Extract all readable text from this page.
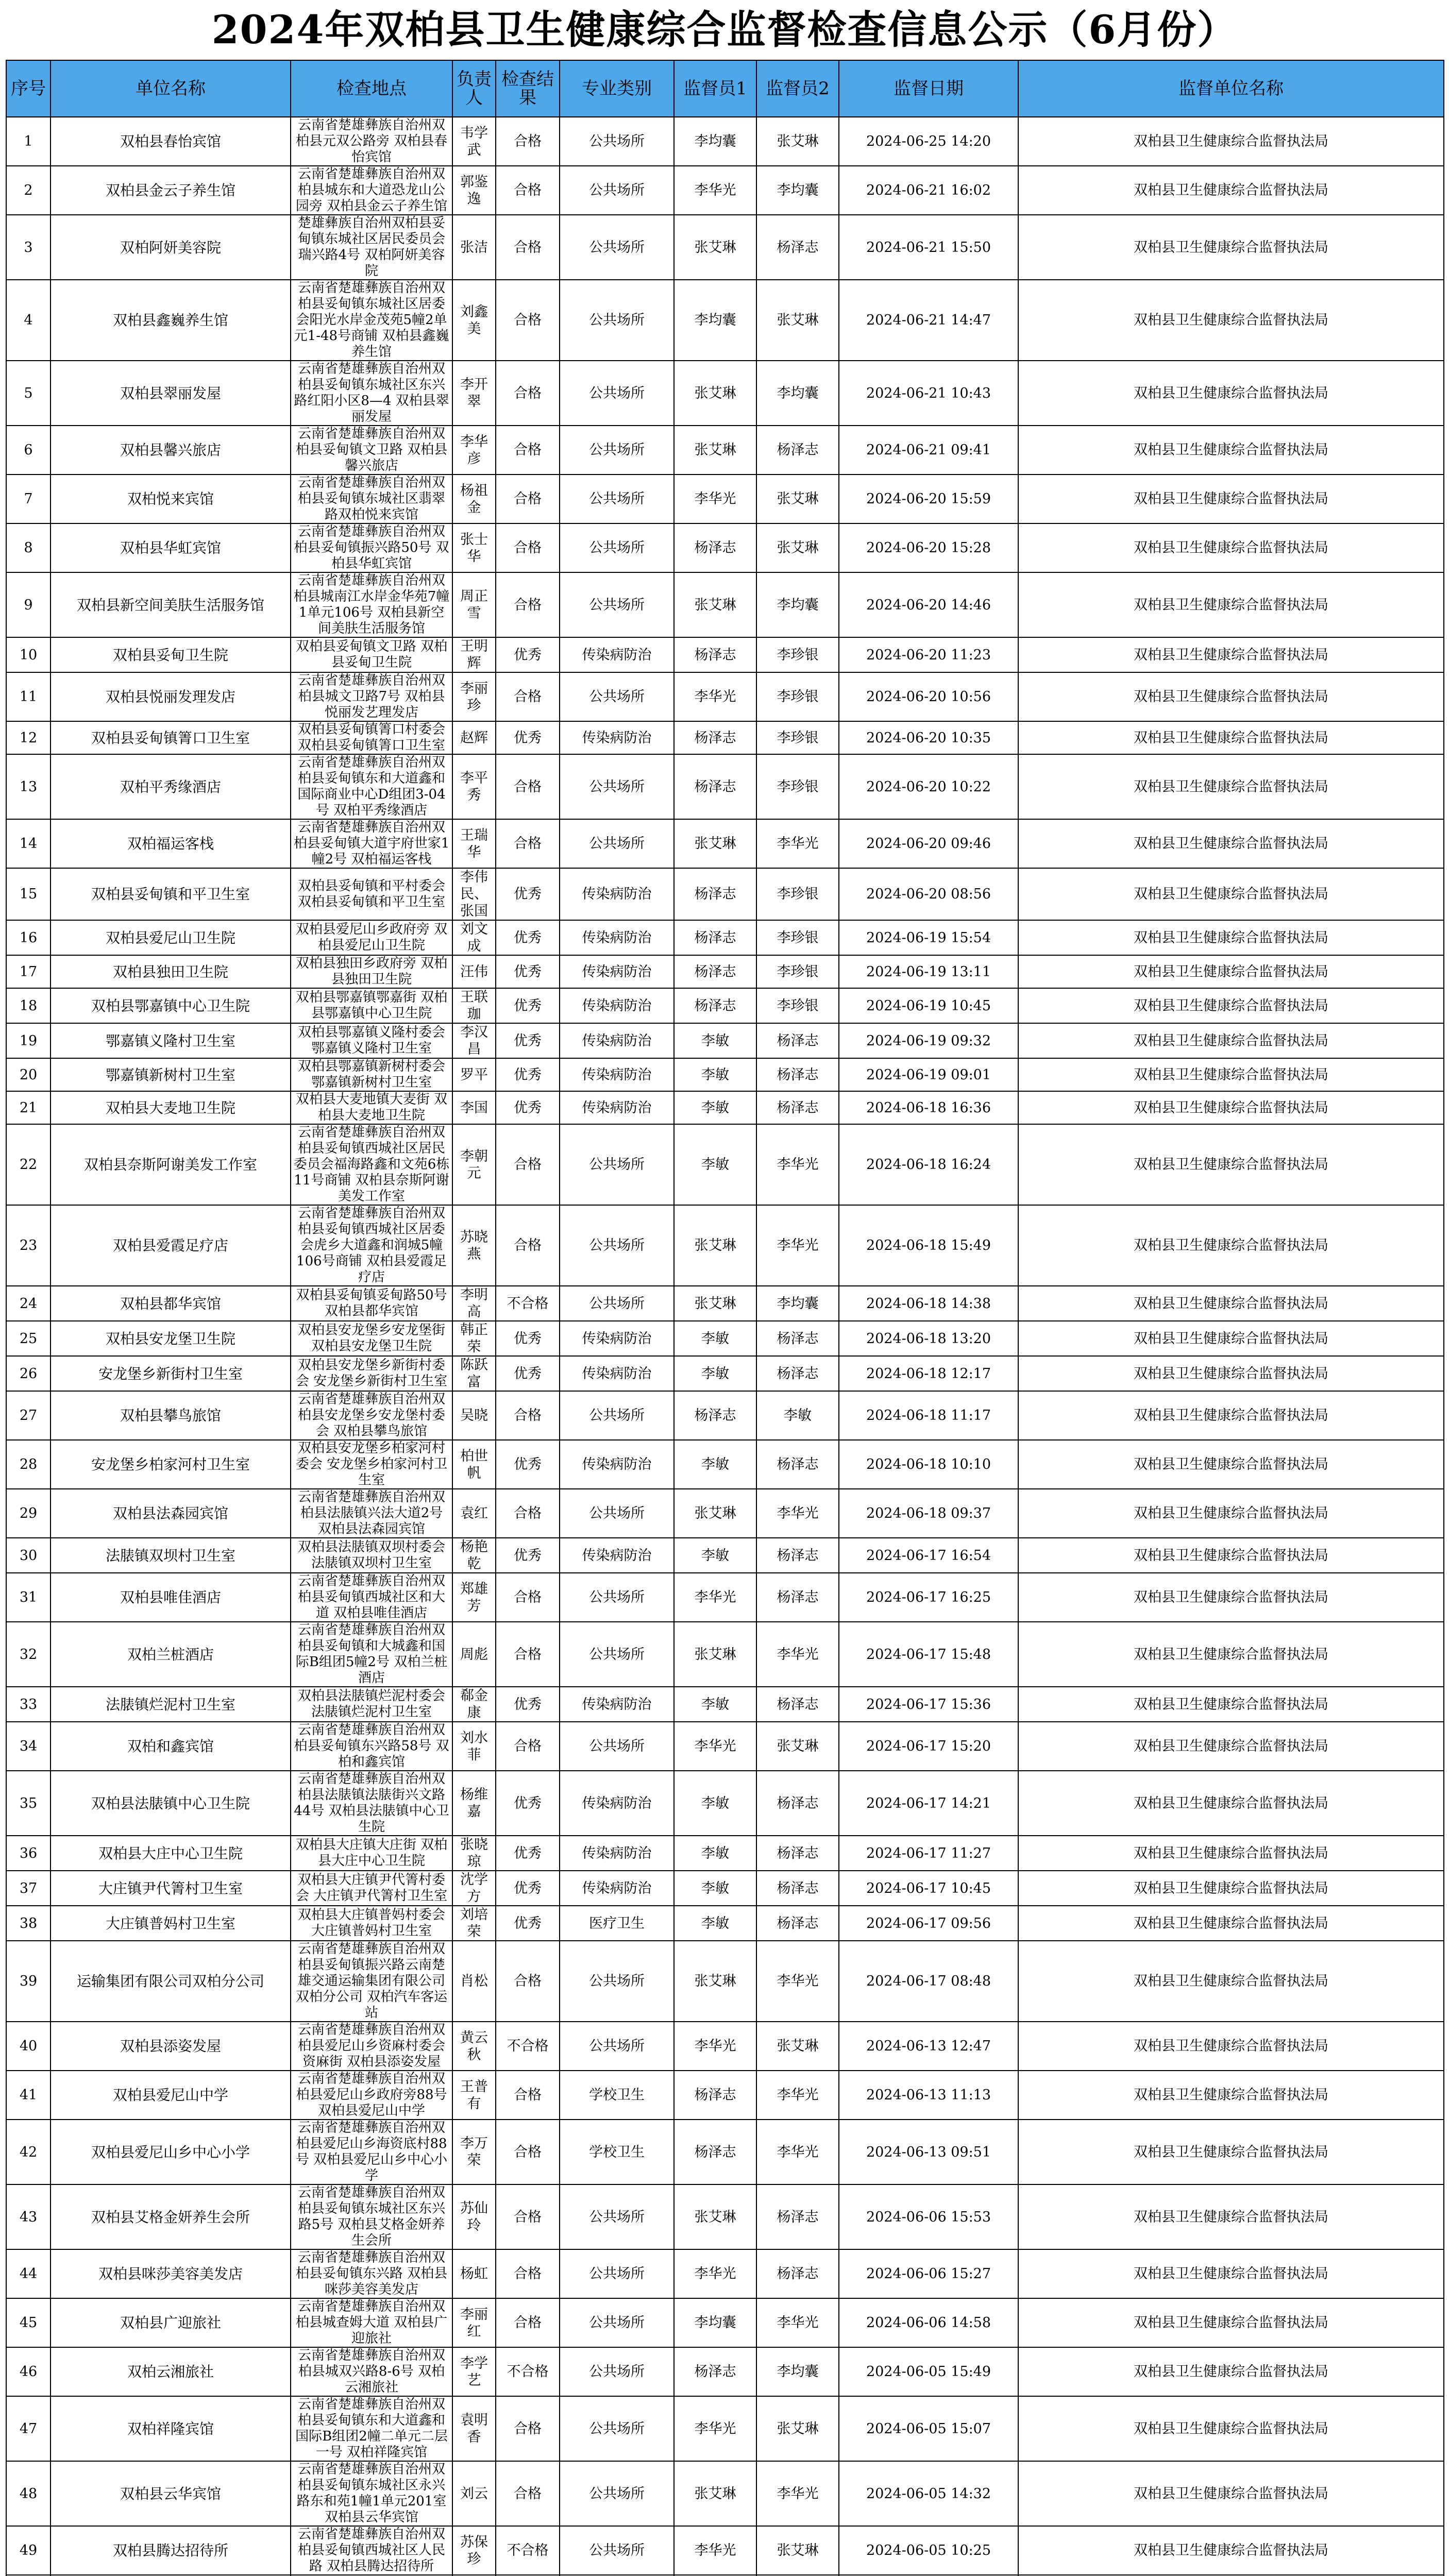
2024年双柏县卫生健康综合监督检查信息公示（6月份）
序号	单位名称	检查地点	负责人	检查结果	专业类别	监督员1	监督员2	监督日期	监督单位名称
1	双柏县春怡宾馆	云南省楚雄彝族自治州双柏县元双公路旁 双柏县春怡宾馆	韦学武	合格	公共场所	李均囊	张艾琳	2024-06-25 14:20	双柏县卫生健康综合监督执法局
2	双柏县金云子养生馆	云南省楚雄彝族自治州双柏县城东和大道恐龙山公园旁 双柏县金云子养生馆	郭鉴逸	合格	公共场所	李华光	李均囊	2024-06-21 16:02	双柏县卫生健康综合监督执法局
3	双柏阿妍美容院	楚雄彝族自治州双柏县妥甸镇东城社区居民委员会瑞兴路4号 双柏阿妍美容院	张洁	合格	公共场所	张艾琳	杨泽志	2024-06-21 15:50	双柏县卫生健康综合监督执法局
4	双柏县鑫巍养生馆	云南省楚雄彝族自治州双柏县妥甸镇东城社区居委会阳光水岸金茂苑5幢2单元1-48号商铺 双柏县鑫巍养生馆	刘鑫美	合格	公共场所	李均囊	张艾琳	2024-06-21 14:47	双柏县卫生健康综合监督执法局
5	双柏县翠丽发屋	云南省楚雄彝族自治州双柏县妥甸镇东城社区东兴路红阳小区8—4 双柏县翠丽发屋	李开翠	合格	公共场所	张艾琳	李均囊	2024-06-21 10:43	双柏县卫生健康综合监督执法局
6	双柏县馨兴旅店	云南省楚雄彝族自治州双柏县妥甸镇文卫路 双柏县馨兴旅店	李华彦	合格	公共场所	张艾琳	杨泽志	2024-06-21 09:41	双柏县卫生健康综合监督执法局
7	双柏悦来宾馆	云南省楚雄彝族自治州双柏县妥甸镇东城社区翡翠路双柏悦来宾馆	杨祖金	合格	公共场所	李华光	张艾琳	2024-06-20 15:59	双柏县卫生健康综合监督执法局
8	双柏县华虹宾馆	云南省楚雄彝族自治州双柏县妥甸镇振兴路50号 双柏县华虹宾馆	张士华	合格	公共场所	杨泽志	张艾琳	2024-06-20 15:28	双柏县卫生健康综合监督执法局
9	双柏县新空间美肤生活服务馆	云南省楚雄彝族自治州双柏县城南江水岸金华苑7幢1单元106号 双柏县新空间美肤生活服务馆	周正雪	合格	公共场所	张艾琳	李均囊	2024-06-20 14:46	双柏县卫生健康综合监督执法局
10	双柏县妥甸卫生院	双柏县妥甸镇文卫路 双柏县妥甸卫生院	王明辉	优秀	传染病防治	杨泽志	李珍银	2024-06-20 11:23	双柏县卫生健康综合监督执法局
11	双柏县悦丽发理发店	云南省楚雄彝族自治州双柏县城文卫路7号 双柏县悦丽发艺理发店	李丽珍	合格	公共场所	李华光	李珍银	2024-06-20 10:56	双柏县卫生健康综合监督执法局
12	双柏县妥甸镇箐口卫生室	双柏县妥甸镇箐口村委会 双柏县妥甸镇箐口卫生室	赵辉	优秀	传染病防治	杨泽志	李珍银	2024-06-20 10:35	双柏县卫生健康综合监督执法局
13	双柏平秀缘酒店	云南省楚雄彝族自治州双柏县妥甸镇东和大道鑫和国际商业中心D组团3-04号 双柏平秀缘酒店	李平秀	合格	公共场所	杨泽志	李珍银	2024-06-20 10:22	双柏县卫生健康综合监督执法局
14	双柏福运客栈	云南省楚雄彝族自治州双柏县妥甸镇大道宇府世家1幢2号 双柏福运客栈	王瑞华	合格	公共场所	张艾琳	李华光	2024-06-20 09:46	双柏县卫生健康综合监督执法局
15	双柏县妥甸镇和平卫生室	双柏县妥甸镇和平村委会 双柏县妥甸镇和平卫生室	李伟民、张国	优秀	传染病防治	杨泽志	李珍银	2024-06-20 08:56	双柏县卫生健康综合监督执法局
16	双柏县爱尼山卫生院	双柏县爱尼山乡政府旁 双柏县爱尼山卫生院	刘文成	优秀	传染病防治	杨泽志	李珍银	2024-06-19 15:54	双柏县卫生健康综合监督执法局
17	双柏县独田卫生院	双柏县独田乡政府旁 双柏县独田卫生院	汪伟	优秀	传染病防治	杨泽志	李珍银	2024-06-19 13:11	双柏县卫生健康综合监督执法局
18	双柏县鄂嘉镇中心卫生院	双柏县鄂嘉镇鄂嘉街 双柏县鄂嘉镇中心卫生院	王联珈	优秀	传染病防治	杨泽志	李珍银	2024-06-19 10:45	双柏县卫生健康综合监督执法局
19	鄂嘉镇义隆村卫生室	双柏县鄂嘉镇义隆村委会 鄂嘉镇义隆村卫生室	李汉昌	优秀	传染病防治	李敏	杨泽志	2024-06-19 09:32	双柏县卫生健康综合监督执法局
20	鄂嘉镇新树村卫生室	双柏县鄂嘉镇新树村委会 鄂嘉镇新树村卫生室	罗平	优秀	传染病防治	李敏	杨泽志	2024-06-19 09:01	双柏县卫生健康综合监督执法局
21	双柏县大麦地卫生院	双柏县大麦地镇大麦街 双柏县大麦地卫生院	李国	优秀	传染病防治	李敏	杨泽志	2024-06-18 16:36	双柏县卫生健康综合监督执法局
22	双柏县奈斯阿谢美发工作室	云南省楚雄彝族自治州双柏县妥甸镇西城社区居民委员会福海路鑫和文苑6栋11号商铺 双柏县奈斯阿谢美发工作室	李朝元	合格	公共场所	李敏	李华光	2024-06-18 16:24	双柏县卫生健康综合监督执法局
23	双柏县爱霞足疗店	云南省楚雄彝族自治州双柏县妥甸镇西城社区居委会虎乡大道鑫和润城5幢106号商铺 双柏县爱霞足疗店	苏晓燕	合格	公共场所	张艾琳	李华光	2024-06-18 15:49	双柏县卫生健康综合监督执法局
24	双柏县都华宾馆	双柏县妥甸镇妥甸路50号 双柏县都华宾馆	李明高	不合格	公共场所	张艾琳	李均囊	2024-06-18 14:38	双柏县卫生健康综合监督执法局
25	双柏县安龙堡卫生院	双柏县安龙堡乡安龙堡街 双柏县安龙堡卫生院	韩正荣	优秀	传染病防治	李敏	杨泽志	2024-06-18 13:20	双柏县卫生健康综合监督执法局
26	安龙堡乡新街村卫生室	双柏县安龙堡乡新街村委会 安龙堡乡新街村卫生室	陈跃富	优秀	传染病防治	李敏	杨泽志	2024-06-18 12:17	双柏县卫生健康综合监督执法局
27	双柏县攀鸟旅馆	云南省楚雄彝族自治州双柏县安龙堡乡安龙堡村委会 双柏县攀鸟旅馆	吴晓	合格	公共场所	杨泽志	李敏	2024-06-18 11:17	双柏县卫生健康综合监督执法局
28	安龙堡乡柏家河村卫生室	双柏县安龙堡乡柏家河村委会 安龙堡乡柏家河村卫生室	柏世帆	优秀	传染病防治	李敏	杨泽志	2024-06-18 10:10	双柏县卫生健康综合监督执法局
29	双柏县法森园宾馆	云南省楚雄彝族自治州双柏县法脿镇兴法大道2号 双柏县法森园宾馆	袁红	合格	公共场所	张艾琳	李华光	2024-06-18 09:37	双柏县卫生健康综合监督执法局
30	法脿镇双坝村卫生室	双柏县法脿镇双坝村委会 法脿镇双坝村卫生室	杨艳乾	优秀	传染病防治	李敏	杨泽志	2024-06-17 16:54	双柏县卫生健康综合监督执法局
31	双柏县唯佳酒店	云南省楚雄彝族自治州双柏县妥甸镇西城社区和大道 双柏县唯佳酒店	郑雄芳	合格	公共场所	李华光	杨泽志	2024-06-17 16:25	双柏县卫生健康综合监督执法局
32	双柏兰桩酒店	云南省楚雄彝族自治州双柏县妥甸镇和大城鑫和国际B组团5幢2号 双柏兰桩酒店	周彪	合格	公共场所	张艾琳	李华光	2024-06-17 15:48	双柏县卫生健康综合监督执法局
33	法脿镇烂泥村卫生室	双柏县法脿镇烂泥村委会 法脿镇烂泥村卫生室	郗金康	优秀	传染病防治	李敏	杨泽志	2024-06-17 15:36	双柏县卫生健康综合监督执法局
34	双柏和鑫宾馆	云南省楚雄彝族自治州双柏县妥甸镇东兴路58号 双柏和鑫宾馆	刘水菲	合格	公共场所	李华光	张艾琳	2024-06-17 15:20	双柏县卫生健康综合监督执法局
35	双柏县法脿镇中心卫生院	云南省楚雄彝族自治州双柏县法脿镇法脿街兴文路44号 双柏县法脿镇中心卫生院	杨维嘉	优秀	传染病防治	李敏	杨泽志	2024-06-17 14:21	双柏县卫生健康综合监督执法局
36	双柏县大庄中心卫生院	双柏县大庄镇大庄街 双柏县大庄中心卫生院	张晓琼	优秀	传染病防治	李敏	杨泽志	2024-06-17 11:27	双柏县卫生健康综合监督执法局
37	大庄镇尹代箐村卫生室	双柏县大庄镇尹代箐村委会 大庄镇尹代箐村卫生室	沈学方	优秀	传染病防治	李敏	杨泽志	2024-06-17 10:45	双柏县卫生健康综合监督执法局
38	大庄镇普妈村卫生室	双柏县大庄镇普妈村委会 大庄镇普妈村卫生室	刘培荣	优秀	医疗卫生	李敏	杨泽志	2024-06-17 09:56	双柏县卫生健康综合监督执法局
39	运输集团有限公司双柏分公司	云南省楚雄彝族自治州双柏县妥甸镇振兴路云南楚雄交通运输集团有限公司双柏分公司 双柏汽车客运站	肖松	合格	公共场所	张艾琳	李华光	2024-06-17 08:48	双柏县卫生健康综合监督执法局
40	双柏县添姿发屋	云南省楚雄彝族自治州双柏县爱尼山乡资麻村委会资麻街 双柏县添姿发屋	黄云秋	不合格	公共场所	李华光	张艾琳	2024-06-13 12:47	双柏县卫生健康综合监督执法局
41	双柏县爱尼山中学	云南省楚雄彝族自治州双柏县爱尼山乡政府旁88号 双柏县爱尼山中学	王普有	合格	学校卫生	杨泽志	李华光	2024-06-13 11:13	双柏县卫生健康综合监督执法局
42	双柏县爱尼山乡中心小学	云南省楚雄彝族自治州双柏县爱尼山乡海资底村88号 双柏县爱尼山乡中心小学	李万荣	合格	学校卫生	杨泽志	李华光	2024-06-13 09:51	双柏县卫生健康综合监督执法局
43	双柏县艾格金妍养生会所	云南省楚雄彝族自治州双柏县妥甸镇东城社区东兴路5号 双柏县艾格金妍养生会所	苏仙玲	合格	公共场所	张艾琳	杨泽志	2024-06-06 15:53	双柏县卫生健康综合监督执法局
44	双柏县咪莎美容美发店	云南省楚雄彝族自治州双柏县妥甸镇东兴路 双柏县咪莎美容美发店	杨虹	合格	公共场所	李华光	杨泽志	2024-06-06 15:27	双柏县卫生健康综合监督执法局
45	双柏县广迎旅社	云南省楚雄彝族自治州双柏县城查姆大道 双柏县广迎旅社	李丽红	合格	公共场所	李均囊	李华光	2024-06-06 14:58	双柏县卫生健康综合监督执法局
46	双柏云湘旅社	云南省楚雄彝族自治州双柏县城双兴路8-6号 双柏云湘旅社	李学艺	不合格	公共场所	杨泽志	李均囊	2024-06-05 15:49	双柏县卫生健康综合监督执法局
47	双柏祥隆宾馆	云南省楚雄彝族自治州双柏县妥甸镇东和大道鑫和国际B组团2幢二单元二层一号 双柏祥隆宾馆	袁明香	合格	公共场所	李华光	张艾琳	2024-06-05 15:07	双柏县卫生健康综合监督执法局
48	双柏县云华宾馆	云南省楚雄彝族自治州双柏县妥甸镇东城社区永兴路东和苑1幢1单元201室 双柏县云华宾馆	刘云	合格	公共场所	张艾琳	李华光	2024-06-05 14:32	双柏县卫生健康综合监督执法局
49	双柏县腾达招待所	云南省楚雄彝族自治州双柏县妥甸镇西城社区人民路 双柏县腾达招待所	苏保珍	不合格	公共场所	李华光	张艾琳	2024-06-05 10:25	双柏县卫生健康综合监督执法局
